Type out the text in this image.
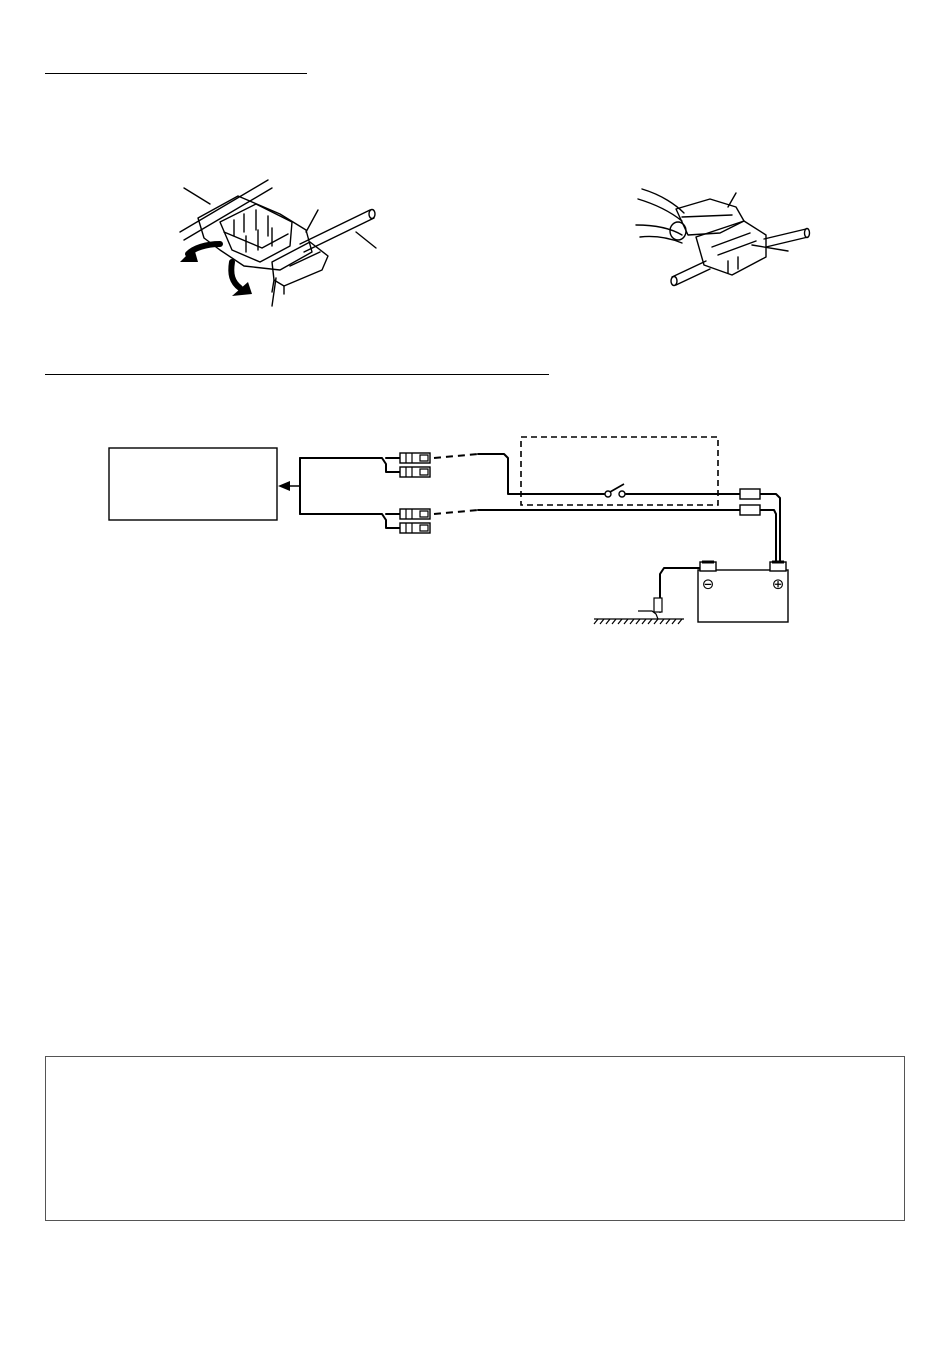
⊖	⊕
